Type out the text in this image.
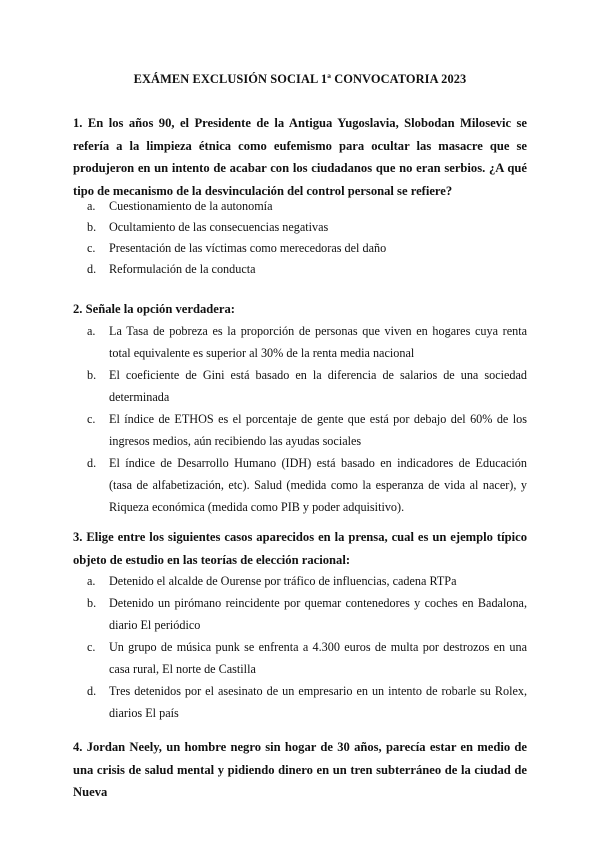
EXÁMEN EXCLUSIÓN SOCIAL 1ª CONVOCATORIA 2023
1. En los años 90, el Presidente de la Antigua Yugoslavia, Slobodan Milosevic se refería a la limpieza étnica como eufemismo para ocultar las masacre que se produjeron en un intento de acabar con los ciudadanos que no eran serbios. ¿A qué tipo de mecanismo de la desvinculación del control personal se refiere?
a. Cuestionamiento de la autonomía
b. Ocultamiento de las consecuencias negativas
c. Presentación de las víctimas como merecedoras del daño
d. Reformulación de la conducta
2. Señale la opción verdadera:
a. La Tasa de pobreza es la proporción de personas que viven en hogares cuya renta total equivalente es superior al 30% de la renta media nacional
b. El coeficiente de Gini está basado en la diferencia de salarios de una sociedad determinada
c. El índice de ETHOS es el porcentaje de gente que está por debajo del 60% de los ingresos medios, aún recibiendo las ayudas sociales
d. El índice de Desarrollo Humano (IDH) está basado en indicadores de Educación (tasa de alfabetización, etc). Salud (medida como la esperanza de vida al nacer), y Riqueza económica (medida como PIB y poder adquisitivo).
3. Elige entre los siguientes casos aparecidos en la prensa, cual es un ejemplo típico objeto de estudio en las teorías de elección racional:
a. Detenido el alcalde de Ourense por tráfico de influencias, cadena RTPa
b. Detenido un pirómano reincidente por quemar contenedores y coches en Badalona, diario El periódico
c. Un grupo de música punk se enfrenta a 4.300 euros de multa por destrozos en una casa rural, El norte de Castilla
d. Tres detenidos por el asesinato de un empresario en un intento de robarle su Rolex, diarios El país
4. Jordan Neely, un hombre negro sin hogar de 30 años, parecía estar en medio de una crisis de salud mental y pidiendo dinero en un tren subterráneo de la ciudad de Nueva
